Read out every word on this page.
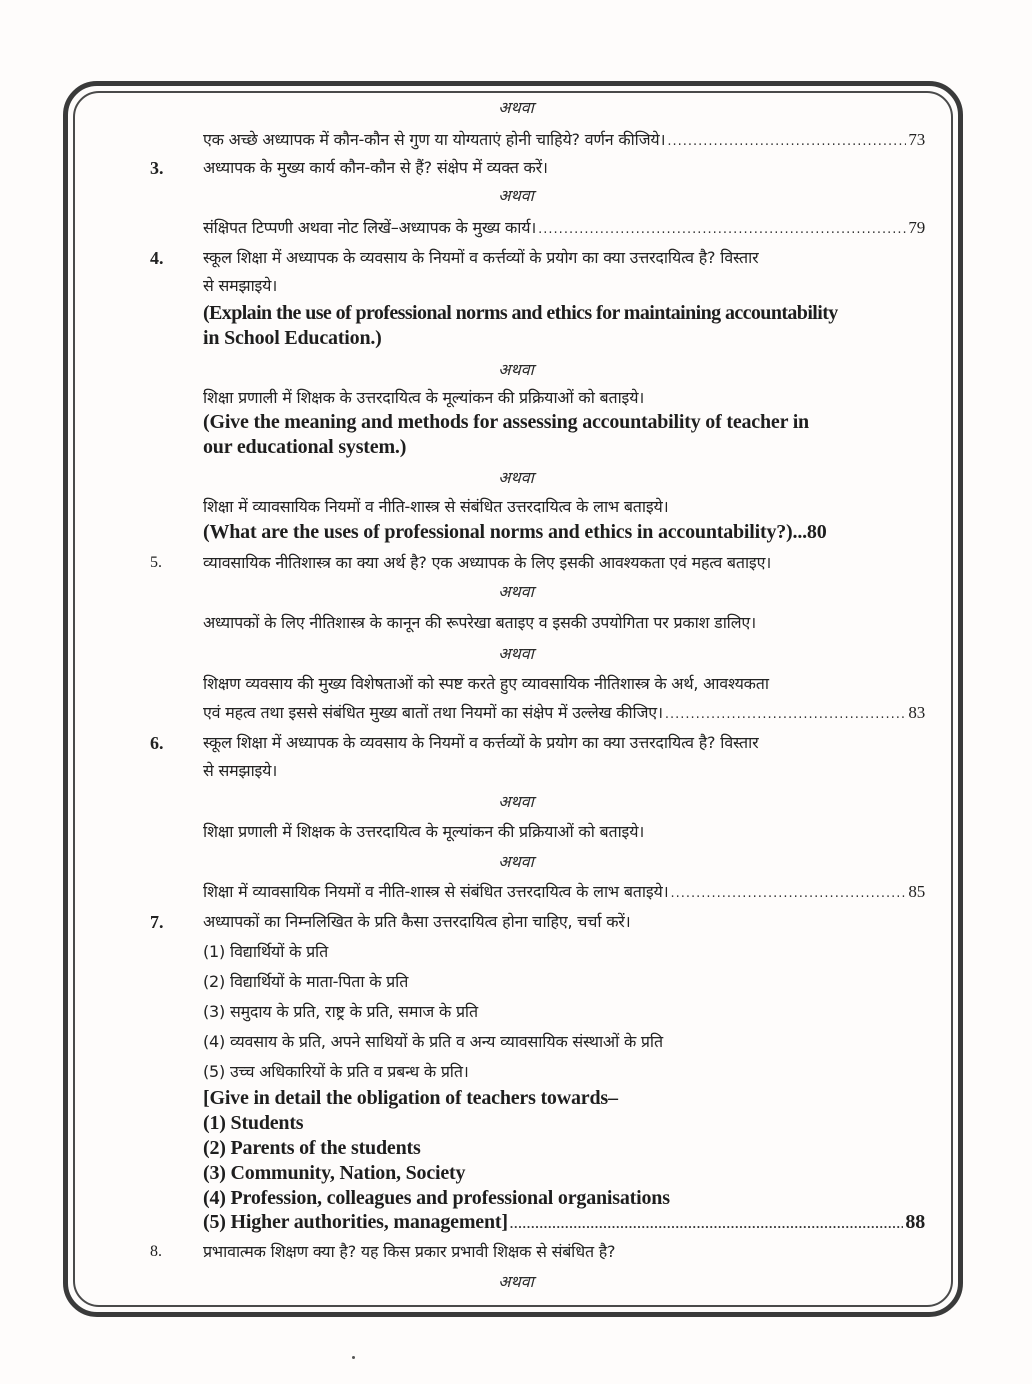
अथवा
एक अच्छे अध्यापक में कौन-कौन से गुण या योग्यताएं होनी चाहिये? वर्णन कीजिये। .....	73
3. अध्यापक के मुख्य कार्य कौन-कौन से हैं? संक्षेप में व्यक्त करें।
अथवा
संक्षिपत टिप्पणी अथवा नोट लिखें–अध्यापक के मुख्य कार्य। .....	79
4. स्कूल शिक्षा में अध्यापक के व्यवसाय के नियमों व कर्त्तव्यों के प्रयोग का क्या उत्तरदायित्व है? विस्तार
से समझाइये।
(Explain the use of professional norms and ethics for maintaining accountability
in School Education.)
अथवा
शिक्षा प्रणाली में शिक्षक के उत्तरदायित्व के मूल्यांकन की प्रक्रियाओं को बताइये।
(Give the meaning and methods for assessing accountability of teacher in
our educational system.)
अथवा
शिक्षा में व्यावसायिक नियमों व नीति-शास्त्र से संबंधित उत्तरदायित्व के लाभ बताइये।
(What are the uses of professional norms and ethics in accountability?)...80
5.	व्यावसायिक नीतिशास्त्र का क्या अर्थ है? एक अध्यापक के लिए इसकी आवश्यकता एवं महत्व बताइए।
अथवा
अध्यापकों के लिए नीतिशास्त्र के कानून की रूपरेखा बताइए व इसकी उपयोगिता पर प्रकाश डालिए।
अथवा
शिक्षण व्यवसाय की मुख्य विशेषताओं को स्पष्ट करते हुए व्यावसायिक नीतिशास्त्र के अर्थ, आवश्यकता
एवं महत्व तथा इससे संबंधित मुख्य बातों तथा नियमों का संक्षेप में उल्लेख कीजिए। .....	83
6. स्कूल शिक्षा में अध्यापक के व्यवसाय के नियमों व कर्त्तव्यों के प्रयोग का क्या उत्तरदायित्व है? विस्तार
से समझाइये।
अथवा
शिक्षा प्रणाली में शिक्षक के उत्तरदायित्व के मूल्यांकन की प्रक्रियाओं को बताइये।
अथवा
शिक्षा में व्यावसायिक नियमों व नीति-शास्त्र से संबंधित उत्तरदायित्व के लाभ बताइये। .....	85
7. अध्यापकों का निम्नलिखित के प्रति कैसा उत्तरदायित्व होना चाहिए, चर्चा करें।
(1) विद्यार्थियों के प्रति
(2) विद्यार्थियों के माता-पिता के प्रति
(3) समुदाय के प्रति, राष्ट्र के प्रति, समाज के प्रति
(4) व्यवसाय के प्रति, अपने साथियों के प्रति व अन्य व्यावसायिक संस्थाओं के प्रति
(5) उच्च अधिकारियों के प्रति व प्रबन्ध के प्रति।
[Give in detail the obligation of teachers towards–
(1) Students
(2) Parents of the students
(3) Community, Nation, Society
(4) Profession, colleagues and professional organisations
(5) Higher authorities, management] .....	88
8.	प्रभावात्मक शिक्षण क्या है? यह किस प्रकार प्रभावी शिक्षक से संबंधित है?
अथवा
